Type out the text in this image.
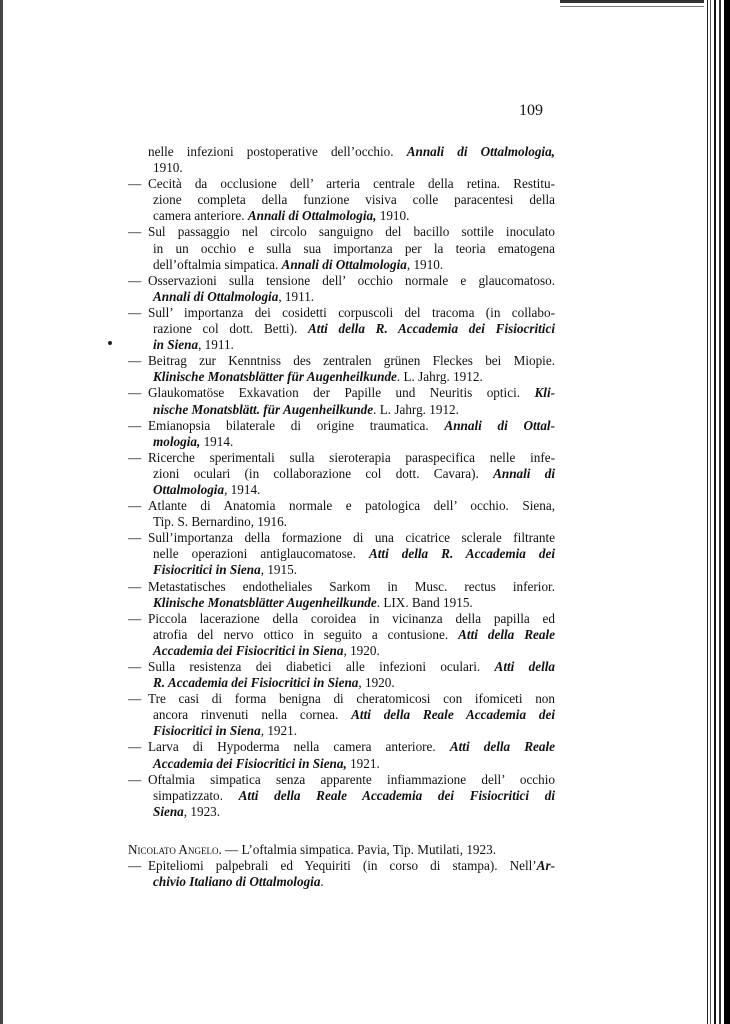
109
nelle infezioni postoperative dell’occhio. Annali di Ottalmologia,
1910.
— Cecità da occlusione dell’ arteria centrale della retina. Restitu-
zione completa della funzione visiva colle paracentesi della
camera anteriore. Annali di Ottalmologia, 1910.
— Sul passaggio nel circolo sanguigno del bacillo sottile inoculato
in un occhio e sulla sua importanza per la teoria ematogena
dell’oftalmia simpatica. Annali di Ottalmologia, 1910.
— Osservazioni sulla tensione dell’ occhio normale e glaucomatoso.
Annali di Ottalmologia, 1911.
— Sull’ importanza dei cosidetti corpuscoli del tracoma (in collabo-
razione col dott. Betti). Atti della R. Accademia dei Fisiocritici
in Siena, 1911.
— Beitrag zur Kenntniss des zentralen grünen Fleckes bei Miopie.
Klinische Monatsblätter für Augenheilkunde. L. Jahrg. 1912.
— Glaukomatöse Exkavation der Papille und Neuritis optici. Kli-
nische Monatsblätt. für Augenheilkunde. L. Jahrg. 1912.
— Emianopsia bilaterale di origine traumatica. Annali di Ottal-
mologia, 1914.
— Ricerche sperimentali sulla sieroterapia paraspecifica nelle infe-
zioni oculari (in collaborazione col dott. Cavara). Annali di
Ottalmologia, 1914.
— Atlante di Anatomia normale e patologica dell’ occhio. Siena,
Tip. S. Bernardino, 1916.
— Sull’importanza della formazione di una cicatrice sclerale filtrante
nelle operazioni antiglaucomatose. Atti della R. Accademia dei
Fisiocritici in Siena, 1915.
— Metastatisches endotheliales Sarkom in Musc. rectus inferior.
Klinische Monatsblätter Augenheilkunde. LIX. Band 1915.
— Piccola lacerazione della coroidea in vicinanza della papilla ed
atrofia del nervo ottico in seguito a contusione. Atti della Reale
Accademia dei Fisiocritici in Siena, 1920.
— Sulla resistenza dei diabetici alle infezioni oculari. Atti della
R. Accademia dei Fisiocritici in Siena, 1920.
— Tre casi di forma benigna di cheratomicosi con ifomiceti non
ancora rinvenuti nella cornea. Atti della Reale Accademia dei
Fisiocritici in Siena, 1921.
— Larva di Hypoderma nella camera anteriore. Atti della Reale
Accademia dei Fisiocritici in Siena, 1921.
— Oftalmia simpatica senza apparente infiammazione dell’ occhio
simpatizzato. Atti della Reale Accademia dei Fisiocritici di
Siena, 1923.
Nicolato Angelo. — L’oftalmia simpatica. Pavia, Tip. Mutilati, 1923.
— Epiteliomi palpebrali ed Yequiriti (in corso di stampa). Nell’Ar-
chivio Italiano di Ottalmologia.
